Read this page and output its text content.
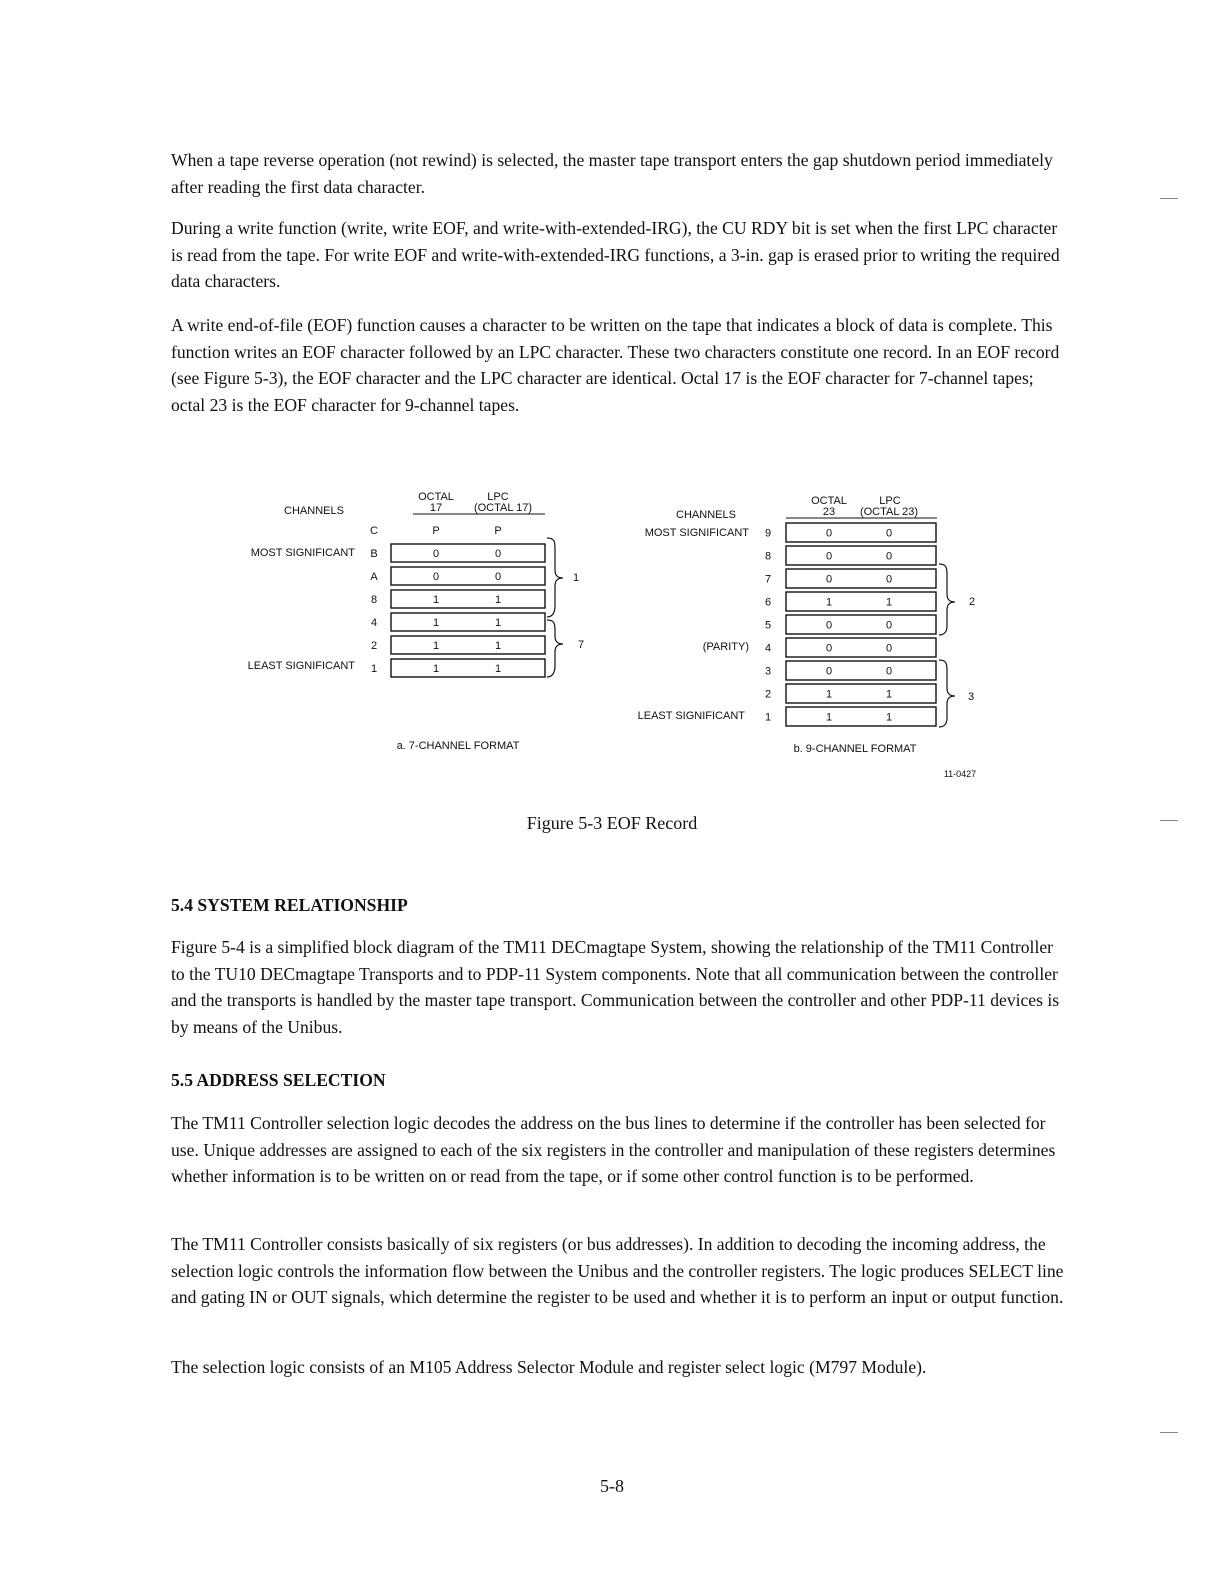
When a tape reverse operation (not rewind) is selected, the master tape transport enters the gap shutdown period immediately after reading the first data character.

During a write function (write, write EOF, and write-with-extended-IRG), the CU RDY bit is set when the first LPC character is read from the tape. For write EOF and write-with-extended-IRG functions, a 3-in. gap is erased prior to writing the required data characters.

A write end-of-file (EOF) function causes a character to be written on the tape that indicates a block of data is complete. This function writes an EOF character followed by an LPC character. These two characters constitute one record. In an EOF record (see Figure 5-3), the EOF character and the LPC character are identical. Octal 17 is the EOF character for 7-channel tapes; octal 23 is the EOF character for 9-channel tapes.

CHANNELS
OCTAL
17
LPC
(OCTAL 17)
MOST SIGNIFICANT
LEAST SIGNIFICANT
C	P	P
B	0	0
A	0	0
8	1	1
4	1	1
2	1	1
1	1	1
1
7
a. 7-CHANNEL FORMAT
CHANNELS
OCTAL
23
LPC
(OCTAL 23)
MOST SIGNIFICANT
(PARITY)
LEAST SIGNIFICANT
9	0	0
8	0	0
7	0	0
6	1	1
5	0	0
4	0	0
3	0	0
2	1	1
1	1	1
2
3
b. 9-CHANNEL FORMAT
11-0427
Figure 5-3 EOF Record
5.4 SYSTEM RELATIONSHIP

Figure 5-4 is a simplified block diagram of the TM11 DECmagtape System, showing the relationship of the TM11 Controller to the TU10 DECmagtape Transports and to PDP-11 System components. Note that all communication between the controller and the transports is handled by the master tape transport. Communication between the controller and other PDP-11 devices is by means of the Unibus.

5.5 ADDRESS SELECTION

The TM11 Controller selection logic decodes the address on the bus lines to determine if the controller has been selected for use. Unique addresses are assigned to each of the six registers in the controller and manipulation of these registers determines whether information is to be written on or read from the tape, or if some other control function is to be performed.

The TM11 Controller consists basically of six registers (or bus addresses). In addition to decoding the incoming address, the selection logic controls the information flow between the Unibus and the controller registers. The logic produces SELECT line and gating IN or OUT signals, which determine the register to be used and whether it is to perform an input or output function.

The selection logic consists of an M105 Address Selector Module and register select logic (M797 Module).

5-8
